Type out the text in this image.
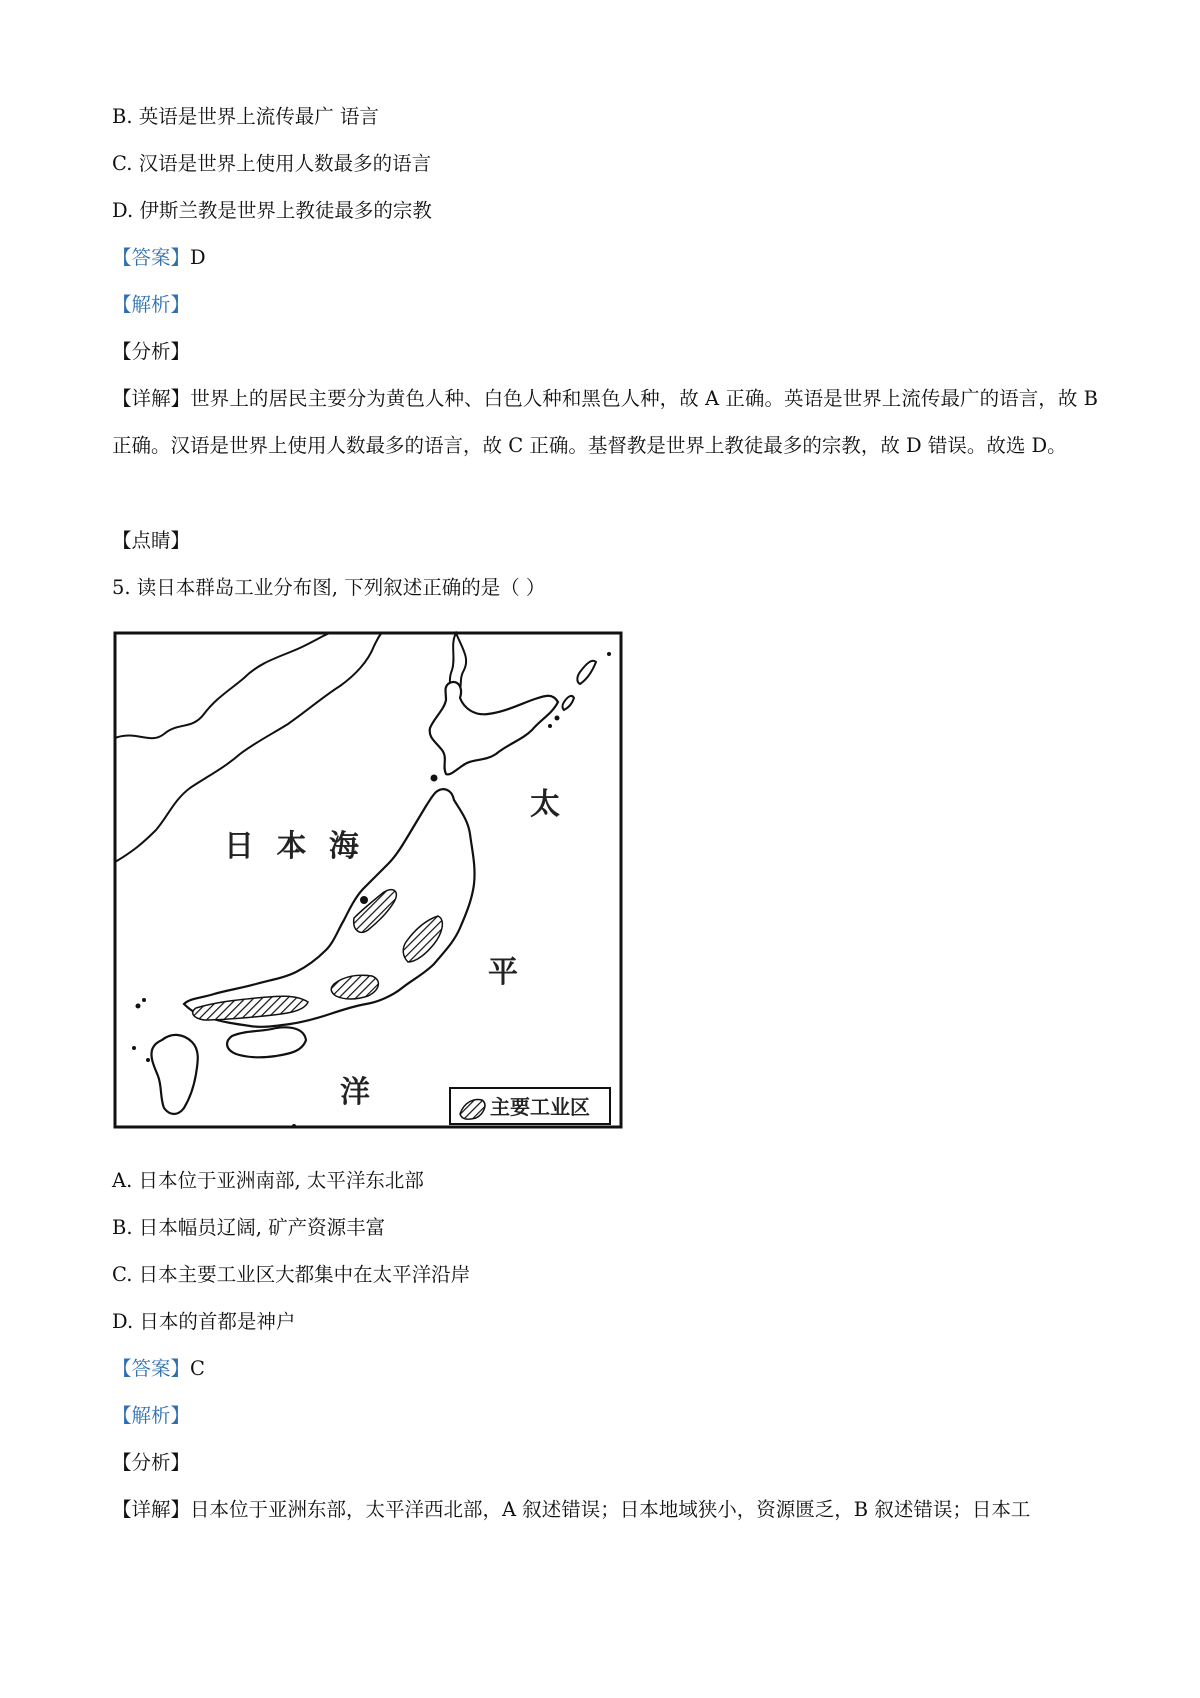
B. 英语是世界上流传最广 语言
C. 汉语是世界上使用人数最多的语言
D. 伊斯兰教是世界上教徒最多的宗教
【答案】D
【解析】
【分析】

【详解】世界上的居民主要分为黄色人种、白色人种和黑色人种，故 A 正确。英语是世界上流传最广的语言，故 B 正确。汉语是世界上使用人数最多的语言，故 C 正确。基督教是世界上教徒最多的宗教，故 D 错误。故选 D。

【点睛】
5. 读日本群岛工业分布图, 下列叙述正确的是（ ）
日 本 海
太
平
洋	主要工业区
A. 日本位于亚洲南部, 太平洋东北部
B. 日本幅员辽阔, 矿产资源丰富
C. 日本主要工业区大都集中在太平洋沿岸
D. 日本的首都是神户
【答案】C
【解析】
【分析】
【详解】日本位于亚洲东部，太平洋西北部，A 叙述错误；日本地域狭小，资源匮乏，B 叙述错误；日本工
